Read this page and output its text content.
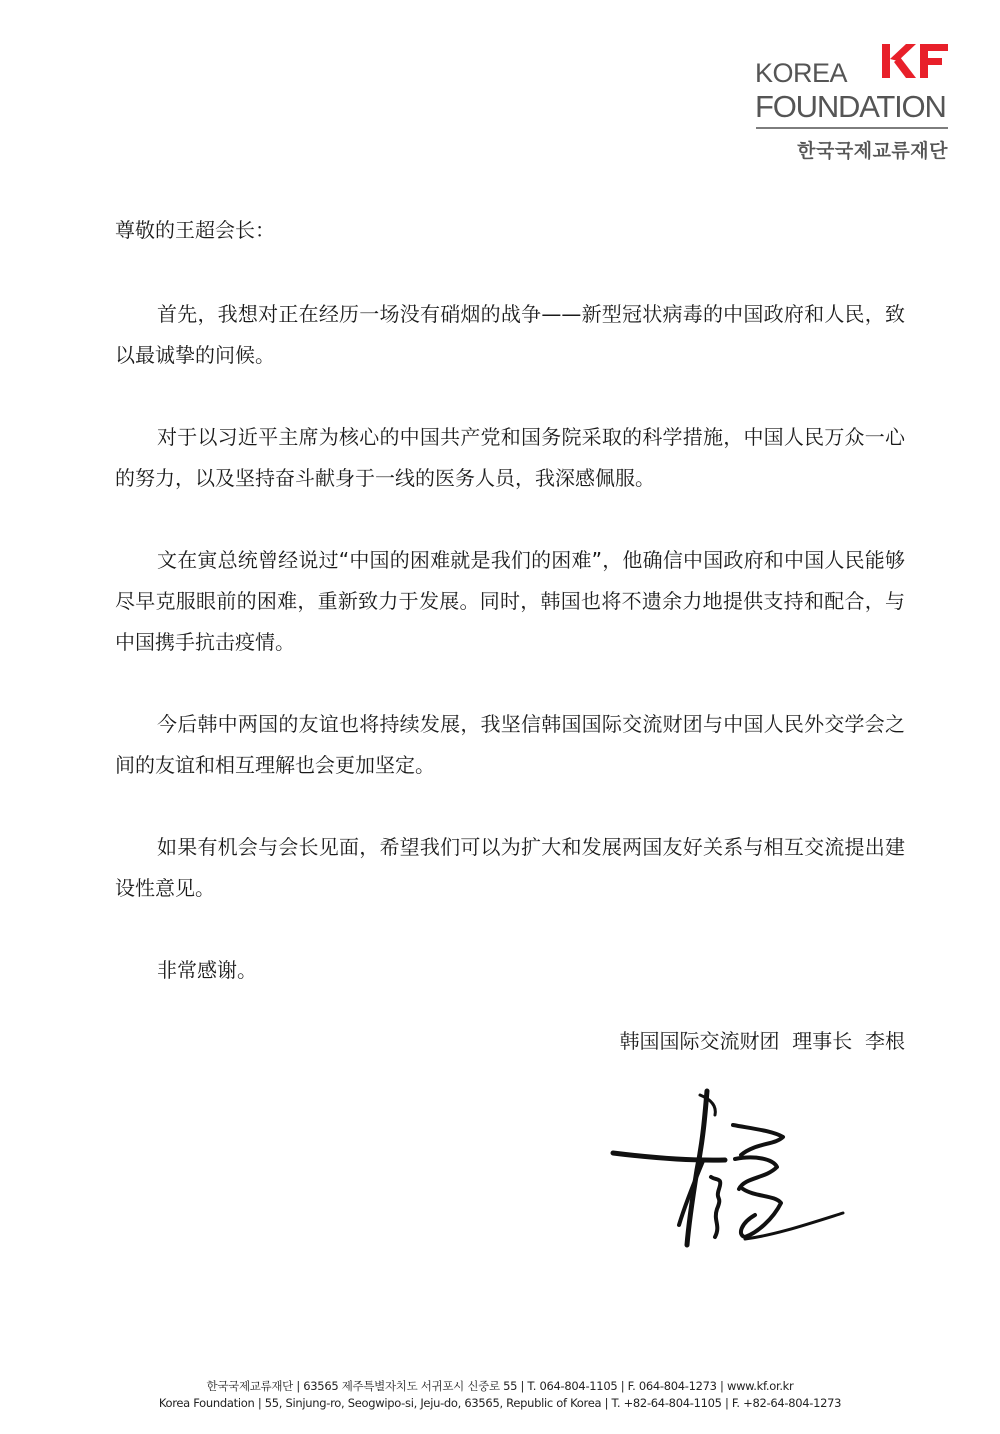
KOREA
FOUNDATION
한국국제교류재단

尊敬的王超会长：

首先，我想对正在经历一场没有硝烟的战争——新型冠状病毒的中国政府和人民，致以最诚挚的问候。

对于以习近平主席为核心的中国共产党和国务院采取的科学措施，中国人民万众一心的努力，以及坚持奋斗献身于一线的医务人员，我深感佩服。

文在寅总统曾经说过“中国的困难就是我们的困难”，他确信中国政府和中国人民能够尽早克服眼前的困难，重新致力于发展。同时，韩国也将不遗余力地提供支持和配合，与中国携手抗击疫情。

今后韩中两国的友谊也将持续发展，我坚信韩国国际交流财团与中国人民外交学会之间的友谊和相互理解也会更加坚定。

如果有机会与会长见面，希望我们可以为扩大和发展两国友好关系与相互交流提出建设性意见。

非常感谢。

韩国国际交流财团  理事长  李根
한국국제교류재단 | 63565 제주특별자치도 서귀포시 신중로 55 | T. 064-804-1105 | F. 064-804-1273 | www.kf.or.kr
Korea Foundation | 55, Sinjung-ro, Seogwipo-si, Jeju-do, 63565, Republic of Korea | T. +82-64-804-1105 | F. +82-64-804-1273
